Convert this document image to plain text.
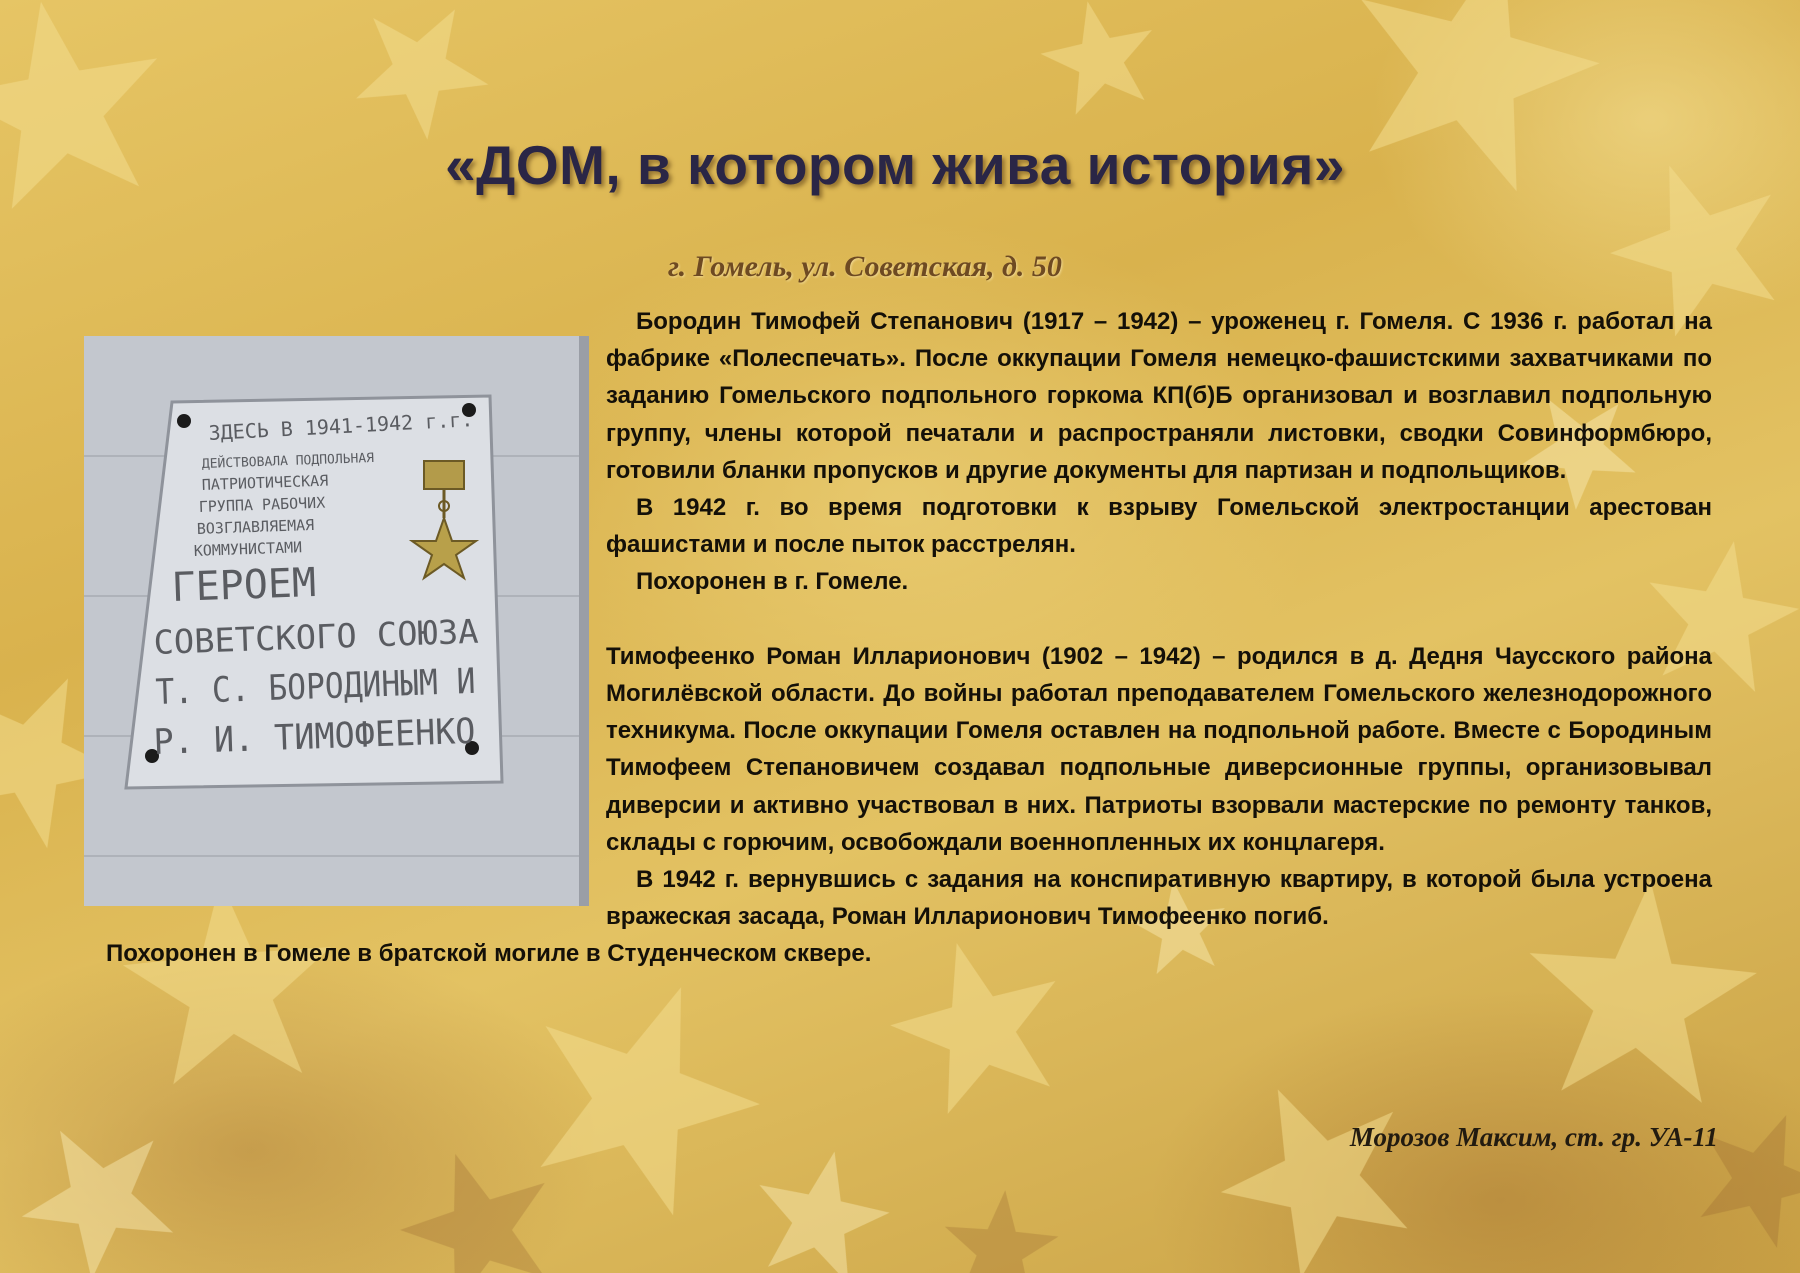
«ДОМ, в котором жива история»
г. Гомель, ул. Советская, д. 50
ЗДЕСЬ В 1941-1942 г.г.
ДЕЙСТВОВАЛА ПОДПОЛЬНАЯ
ПАТРИОТИЧЕСКАЯ
ГРУППА РАБОЧИХ
ВОЗГЛАВЛЯЕМАЯ
КОММУНИСТАМИ
ГЕРОЕМ
СОВЕТСКОГО СОЮЗА
Т. С. БОРОДИНЫМ И
Р. И. ТИМОФЕЕНКО

Бородин Тимофей Степанович (1917 – 1942) – уроженец г. Гомеля. С 1936 г. работал на фабрике «Полеспечать». После оккупации Гомеля немецко-фашистскими захватчиками по заданию Гомельского подпольного горкома КП(б)Б организовал и возглавил подпольную группу, члены которой печатали и распространяли листовки, сводки Совинформбюро, готовили бланки пропусков и другие документы для партизан и подпольщиков.

В 1942 г. во время подготовки к взрыву Гомельской электростанции арестован фашистами и после пыток расстрелян.

Похоронен в г. Гомеле.

Тимофеенко Роман Илларионович (1902 – 1942) – родился в д. Дедня Чаусского района Могилёвской области. До войны работал преподавателем Гомельского железнодорожного техникума. После оккупации Гомеля оставлен на подпольной работе. Вместе с Бородиным Тимофеем Степановичем создавал подпольные диверсионные группы, организовывал диверсии и активно участвовал в них. Патриоты взорвали мастерские по ремонту танков, склады с горючим, освобождали военнопленных их концлагеря.

В 1942 г. вернувшись с задания на конспиративную квартиру, в которой была устроена вражеская засада, Роман Илларионович Тимофеенко погиб.

Похоронен в Гомеле в братской могиле в Студенческом сквере.

Морозов Максим, ст. гр. УА-11
